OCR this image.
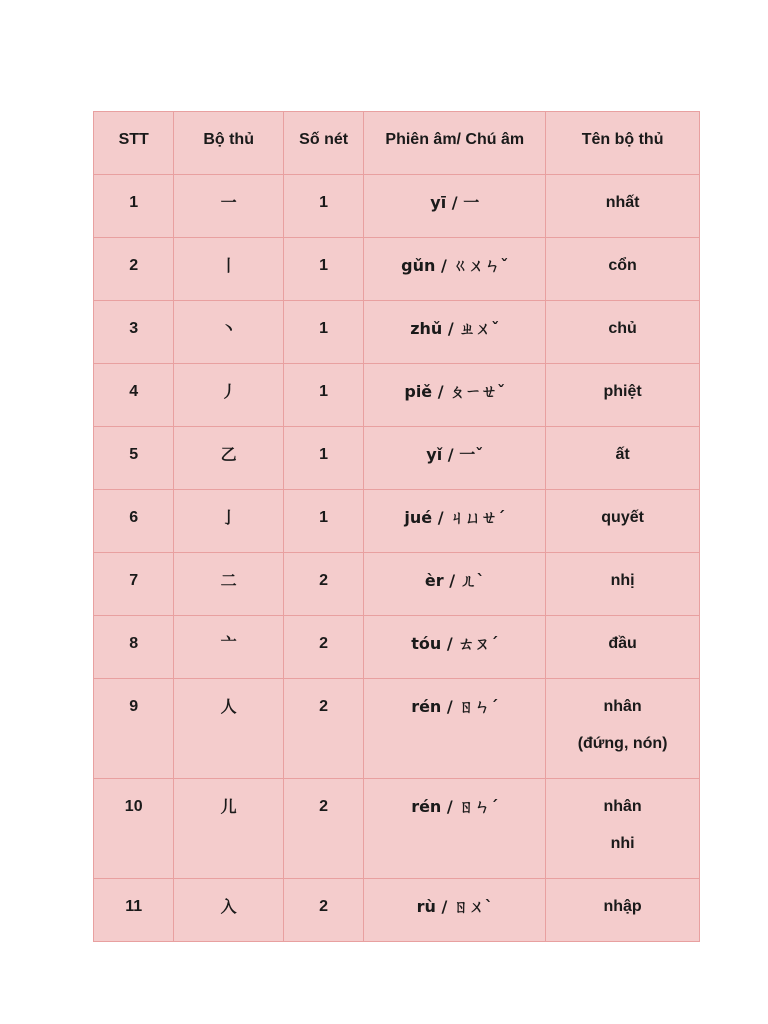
STT	Bộ thủ	Số nét	Phiên âm/ Chú âm	Tên bộ thủ
1	一	1	yī / 一	nhất

2	丨	1	gǔn / ㄍㄨㄣˇ	cổn

3	丶	1	zhǔ / ㄓㄨˇ	chủ

4	丿	1	piě / ㄆㄧㄝˇ	phiệt

5	乙	1	yǐ / 一ˇ	ất

6	亅	1	jué / ㄐㄩㄝˊ	quyết

7	二	2	èr / ㄦˋ	nhị

8	亠	2	tóu / ㄊㄡˊ	đầu

9	人	2	rén / ㄖㄣˊ	nhân
(đứng, nón)

10	儿	2	rén / ㄖㄣˊ	nhân
nhi

11	入	2	rù / ㄖㄨˋ	nhập
